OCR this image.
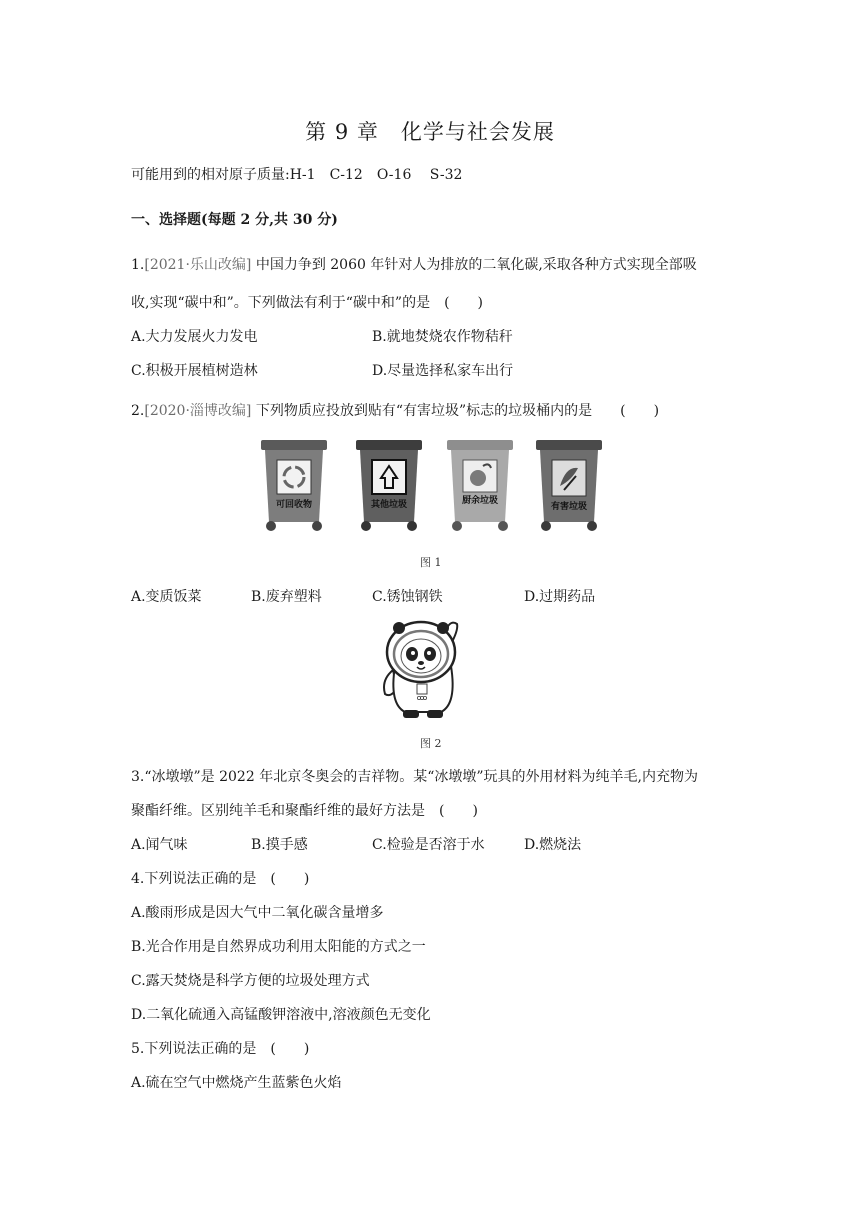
第 9 章　化学与社会发展
可能用到的相对原子质量:H-1　C-12　O-16　 S-32
一、选择题(每题 2 分,共 30 分)
1.[2021·乐山改编] 中国力争到 2060 年针对人为排放的二氧化碳,采取各种方式实现全部吸
收,实现“碳中和”。下列做法有利于“碳中和”的是　(　　)
A.大力发展火力发电	B.就地焚烧农作物秸秆
C.积极开展植树造林	D.尽量选择私家车出行
2.[2020·淄博改编] 下列物质应投放到贴有“有害垃圾”标志的垃圾桶内的是　　(　　)
可回收物	其他垃圾	厨余垃圾
有害垃圾
图 1
A.变质饭菜	B.废弃塑料	C.锈蚀钢铁	D.过期药品
图 2
3.“冰墩墩”是 2022 年北京冬奥会的吉祥物。某“冰墩墩”玩具的外用材料为纯羊毛,内充物为
聚酯纤维。区别纯羊毛和聚酯纤维的最好方法是　(　　)
A.闻气味	B.摸手感	C.检验是否溶于水	D.燃烧法
4.下列说法正确的是　(　　)
A.酸雨形成是因大气中二氧化碳含量增多
B.光合作用是自然界成功利用太阳能的方式之一
C.露天焚烧是科学方便的垃圾处理方式
D.二氧化硫通入高锰酸钾溶液中,溶液颜色无变化
5.下列说法正确的是　(　　)
A.硫在空气中燃烧产生蓝紫色火焰
